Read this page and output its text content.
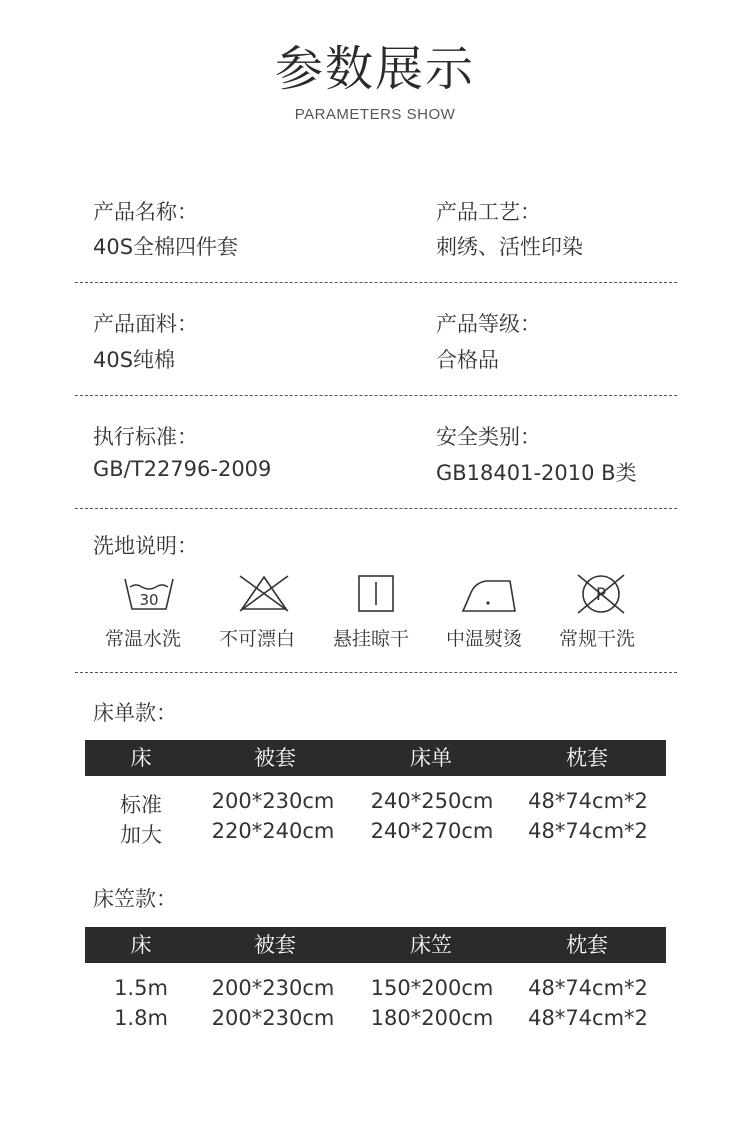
参数展示
PARAMETERS SHOW
产品名称：
40S全棉四件套
产品工艺：
刺绣、活性印染
产品面料：
40S纯棉
产品等级：
合格品
执行标准：
GB/T22796-2009
安全类别：
GB18401-2010 B类
洗地说明：
30
常温水洗 不可漂白 悬挂晾干 中温熨烫
P
常规干洗
床单款：
床	被套	床单	枕套
标准	200*230cm	240*250cm	48*74cm*2
加大	220*240cm	240*270cm	48*74cm*2
床笠款：
床	被套	床笠	枕套
1.5m	200*230cm	150*200cm	48*74cm*2
1.8m	200*230cm	180*200cm	48*74cm*2
